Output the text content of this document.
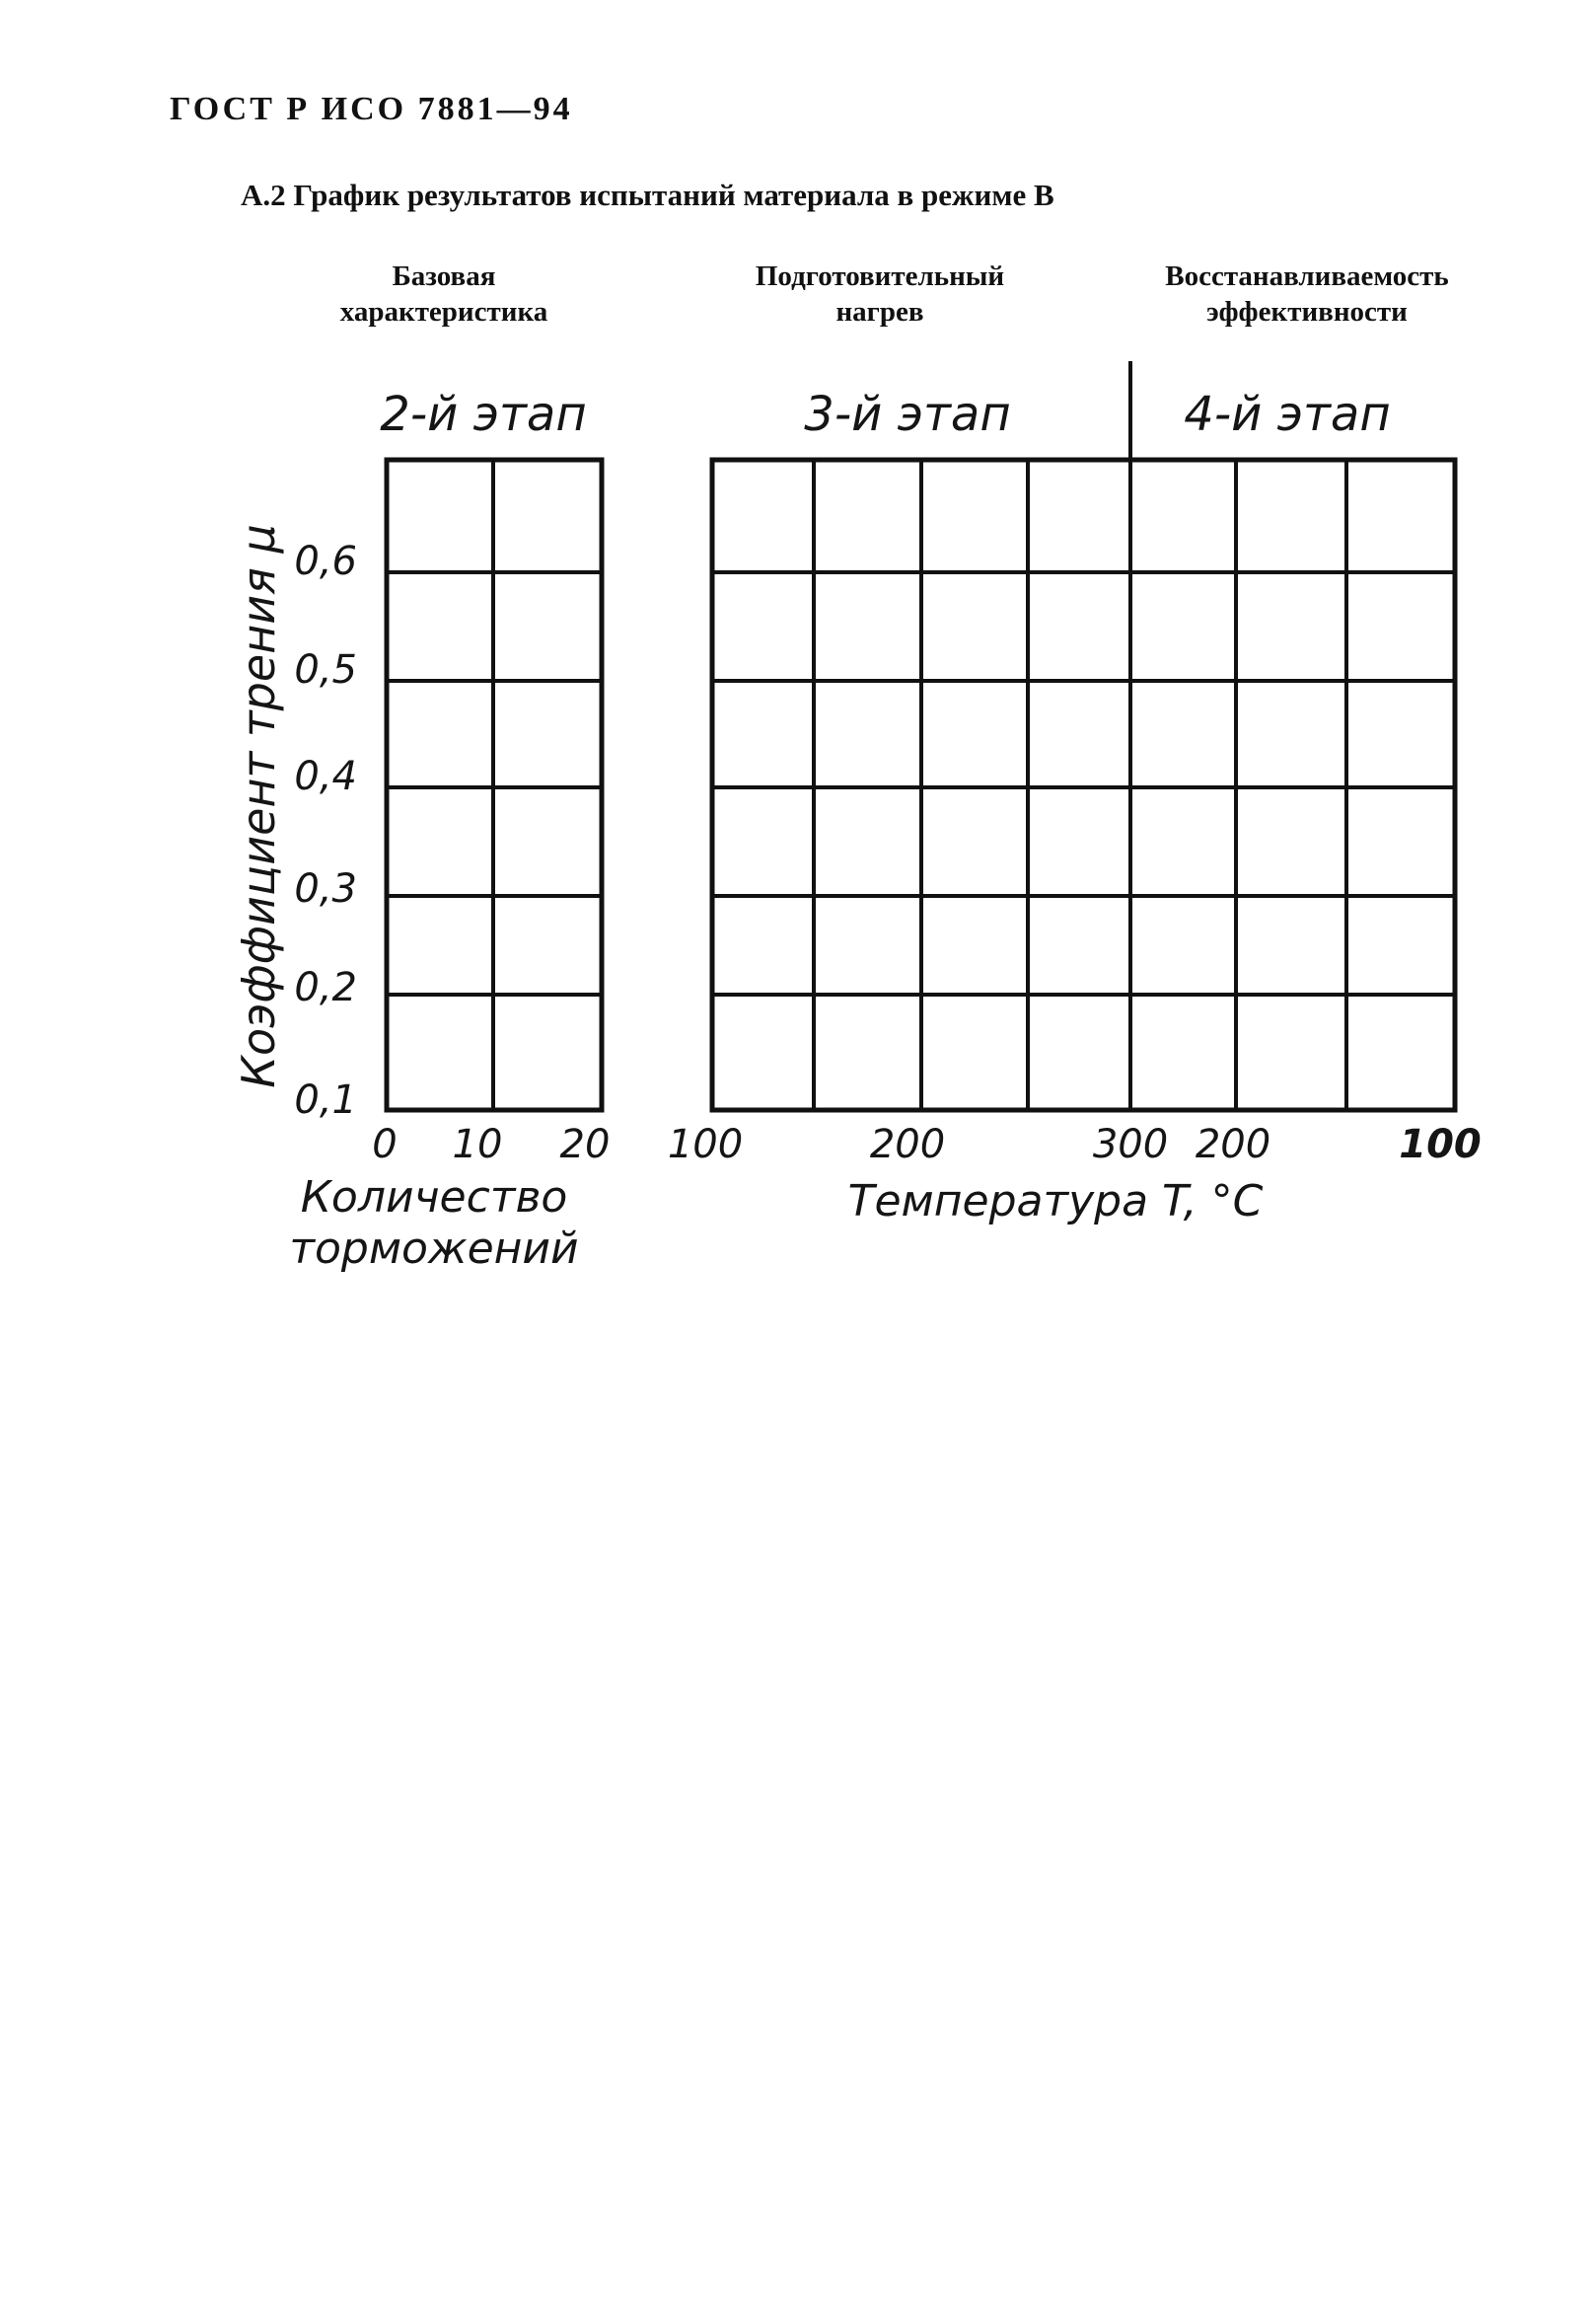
ГОСТ Р ИСО 7881—94
А.2 График результатов испытаний материала в режиме В
Базовая
характеристика
Подготовительный
нагрев
Восстанавливаемость
эффективности
2-й этап	3-й этап	4-й этап
Коэффициент трения μ 0,6
0,5
0,4
0,3
0,2
0,1
0	10	20	100	200	300 200	100
Количество
торможений
Температура T, °C
